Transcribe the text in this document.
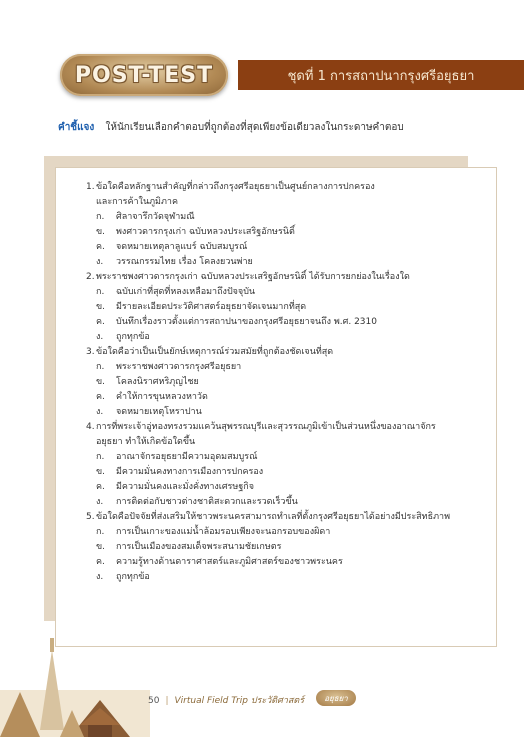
POST-TEST	ชุดที่ 1 การสถาปนากรุงศรีอยุธยา
คำชี้แจง ให้นักเรียนเลือกคำตอบที่ถูกต้องที่สุดเพียงข้อเดียวลงในกระดาษคำตอบ
1. ข้อใดคือหลักฐานสำคัญที่กล่าวถึงกรุงศรีอยุธยาเป็นศูนย์กลางการปกครอง
และการค้าในภูมิภาค
ก.	ศิลาจารึกวัดจุฬามณี
ข.	พงศาวดารกรุงเก่า ฉบับหลวงประเสริฐอักษรนิติ์
ค.	จดหมายเหตุลาลูแบร์ ฉบับสมบูรณ์
ง.	วรรณกรรมไทย เรื่อง โคลงยวนพ่าย
2. พระราชพงศาวดารกรุงเก่า ฉบับหลวงประเสริฐอักษรนิติ์ ได้รับการยกย่องในเรื่องใด
ก.	ฉบับเก่าที่สุดที่หลงเหลือมาถึงปัจจุบัน
ข.	มีรายละเอียดประวัติศาสตร์อยุธยาจัดเจนมากที่สุด
ค.	บันทึกเรื่องราวตั้งแต่การสถาปนาของกรุงศรีอยุธยาจนถึง พ.ศ. 2310
ง.	ถูกทุกข้อ
3. ข้อใดคือว่าเป็นเป็นยักษ์เหตุการณ์ร่วมสมัยที่ถูกต้องชัดเจนที่สุด
ก.	พระราชพงศาวดารกรุงศรีอยุธยา
ข.	โคลงนิราศหริภุญไชย
ค.	คำให้การขุนหลวงหาวัด
ง.	จดหมายเหตุโหราปาน
4. การที่พระเจ้าอู่ทองทรงรวมแคว้นสุพรรณบุรีและสุวรรณภูมิเข้าเป็นส่วนหนึ่งของอาณาจักร
อยุธยา ทำให้เกิดข้อใดขึ้น
ก.	อาณาจักรอยุธยามีความอุดมสมบูรณ์
ข.	มีความมั่นคงทางการเมืองการปกครอง
ค.	มีความมั่นคงและมั่งคั่งทางเศรษฐกิจ
ง.	การติดต่อกับชาวต่างชาติสะดวกและรวดเร็วขึ้น
5. ข้อใดคือปัจจัยที่ส่งเสริมให้ชาวพระนครสามารถทำเลที่ตั้งกรุงศรีอยุธยาได้อย่างมีประสิทธิภาพ
ก.	การเป็นเกาะของแม่น้ำล้อมรอบเพียงจะนอกรอบของผิดา
ข.	การเป็นเมืองของสมเด็จพระสนามชัยเกษตร
ค.	ความรู้ทางด้านดาราศาสตร์และภูมิศาสตร์ของชาวพระนคร
ง.	ถูกทุกข้อ
50 | Virtual Field Trip ประวัติศาสตร์	อยุธยา
